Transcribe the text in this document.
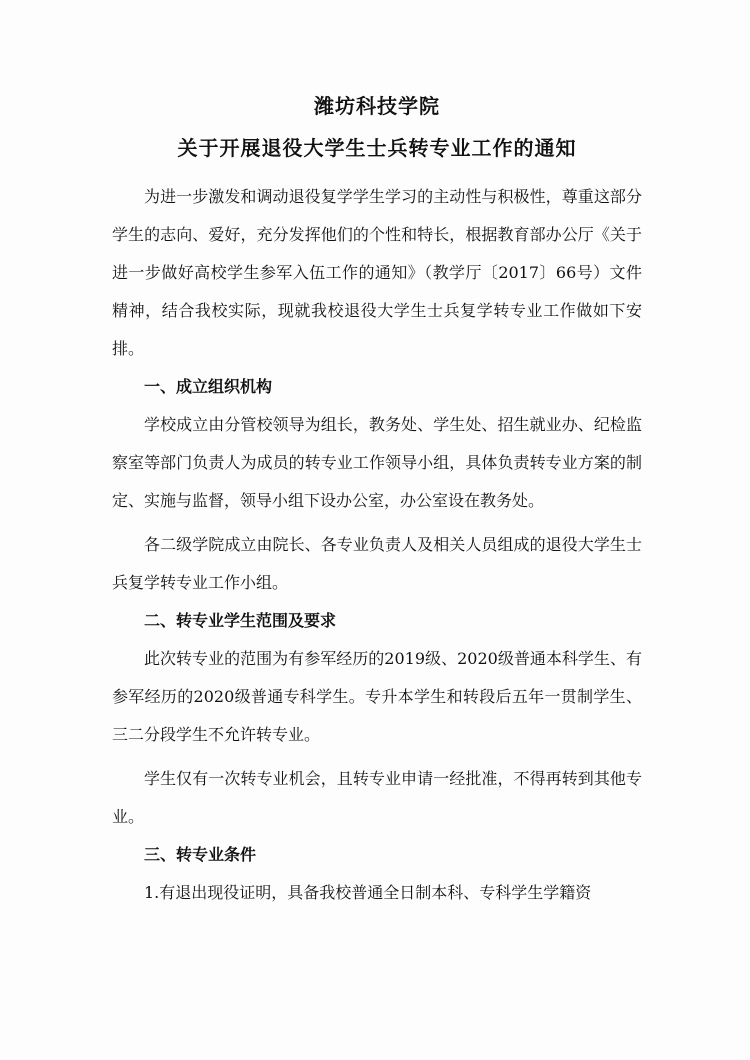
潍坊科技学院
关于开展退役大学生士兵转专业工作的通知

为进一步激发和调动退役复学学生学习的主动性与积极性，尊重这部分学生的志向、爱好，充分发挥他们的个性和特长，根据教育部办公厅《关于进一步做好高校学生参军入伍工作的通知》（教学厅〔2017〕66号）文件精神，结合我校实际，现就我校退役大学生士兵复学转专业工作做如下安排。

一、成立组织机构

学校成立由分管校领导为组长，教务处、学生处、招生就业办、纪检监察室等部门负责人为成员的转专业工作领导小组，具体负责转专业方案的制定、实施与监督，领导小组下设办公室，办公室设在教务处。

各二级学院成立由院长、各专业负责人及相关人员组成的退役大学生士兵复学转专业工作小组。

二、转专业学生范围及要求

此次转专业的范围为有参军经历的2019级、2020级普通本科学生、有参军经历的2020级普通专科学生。专升本学生和转段后五年一贯制学生、三二分段学生不允许转专业。

学生仅有一次转专业机会，且转专业申请一经批准，不得再转到其他专业。

三、转专业条件

1.有退出现役证明，具备我校普通全日制本科、专科学生学籍资
